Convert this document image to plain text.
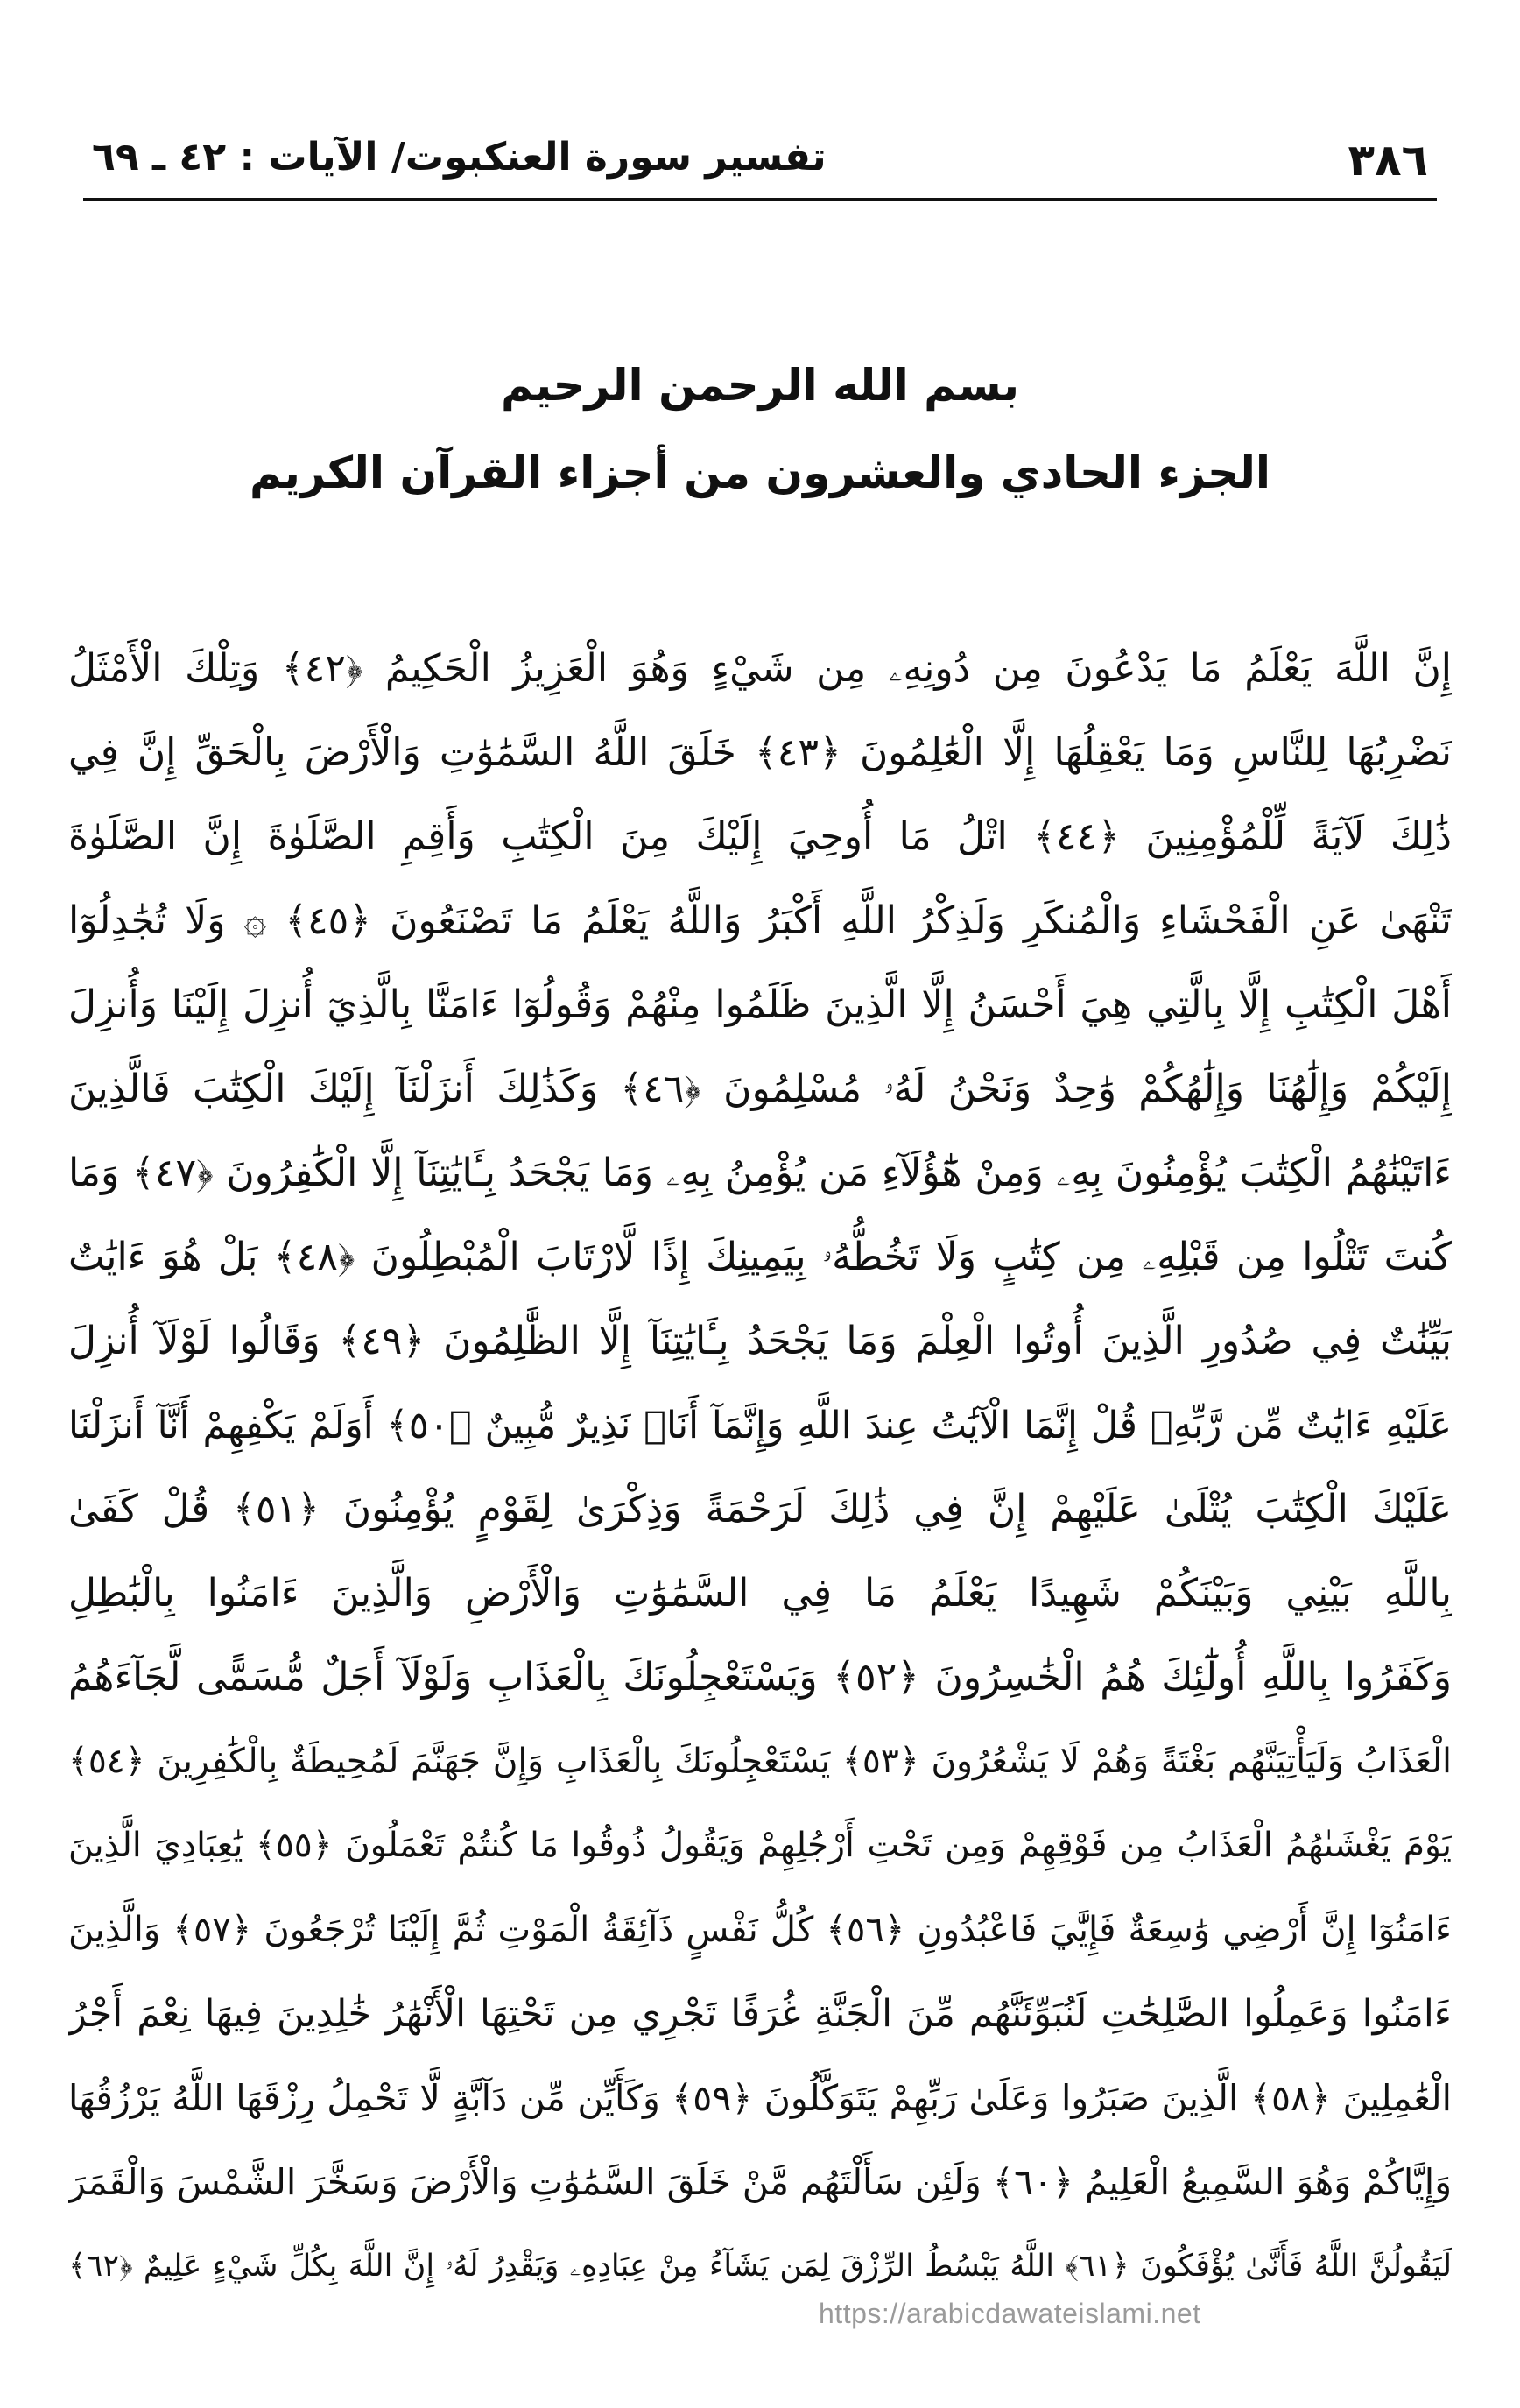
٣٨٦
تفسير سورة العنكبوت/ الآيات : ٤٢ ـ ٦٩
بسم الله الرحمن الرحيم
الجزء الحادي والعشرون من أجزاء القرآن الكريم
إِنَّ اللَّهَ يَعْلَمُ مَا يَدْعُونَ مِن دُونِهِۦ مِن شَيْءٍ وَهُوَ الْعَزِيزُ الْحَكِيمُ ﴿٤٢﴾ وَتِلْكَ الْأَمْثَلُ
نَضْرِبُهَا لِلنَّاسِ وَمَا يَعْقِلُهَا إِلَّا الْعَٰلِمُونَ ﴿٤٣﴾ خَلَقَ اللَّهُ السَّمَٰوَٰتِ وَالْأَرْضَ بِالْحَقِّ إِنَّ فِي
ذَٰلِكَ لَآيَةً لِّلْمُؤْمِنِينَ ﴿٤٤﴾ اتْلُ مَا أُوحِيَ إِلَيْكَ مِنَ الْكِتَٰبِ وَأَقِمِ الصَّلَوٰةَ إِنَّ الصَّلَوٰةَ
تَنْهَىٰ عَنِ الْفَحْشَاءِ وَالْمُنكَرِ وَلَذِكْرُ اللَّهِ أَكْبَرُ وَاللَّهُ يَعْلَمُ مَا تَصْنَعُونَ ﴿٤٥﴾ ۞ وَلَا تُجَٰدِلُوٓا
أَهْلَ الْكِتَٰبِ إِلَّا بِالَّتِي هِيَ أَحْسَنُ إِلَّا الَّذِينَ ظَلَمُوا مِنْهُمْ وَقُولُوٓا ءَامَنَّا بِالَّذِيٓ أُنزِلَ إِلَيْنَا وَأُنزِلَ
إِلَيْكُمْ وَإِلَٰهُنَا وَإِلَٰهُكُمْ وَٰحِدٌ وَنَحْنُ لَهُۥ مُسْلِمُونَ ﴿٤٦﴾ وَكَذَٰلِكَ أَنزَلْنَآ إِلَيْكَ الْكِتَٰبَ فَالَّذِينَ
ءَاتَيْنَٰهُمُ الْكِتَٰبَ يُؤْمِنُونَ بِهِۦ وَمِنْ هَٰٓؤُلَآءِ مَن يُؤْمِنُ بِهِۦ وَمَا يَجْحَدُ بِـَٔايَٰتِنَآ إِلَّا الْكَٰفِرُونَ ﴿٤٧﴾ وَمَا
كُنتَ تَتْلُوا مِن قَبْلِهِۦ مِن كِتَٰبٍ وَلَا تَخُطُّهُۥ بِيَمِينِكَ إِذًا لَّارْتَابَ الْمُبْطِلُونَ ﴿٤٨﴾ بَلْ هُوَ ءَايَٰتٌ
بَيِّنَٰتٌ فِي صُدُورِ الَّذِينَ أُوتُوا الْعِلْمَ وَمَا يَجْحَدُ بِـَٔايَٰتِنَآ إِلَّا الظَّٰلِمُونَ ﴿٤٩﴾ وَقَالُوا لَوْلَآ أُنزِلَ
عَلَيْهِ ءَايَٰتٌ مِّن رَّبِّهِۦ قُلْ إِنَّمَا الْآيَٰتُ عِندَ اللَّهِ وَإِنَّمَآ أَنَا۠ نَذِيرٌ مُّبِينٌ ﴿٥٠﴾ أَوَلَمْ يَكْفِهِمْ أَنَّآ أَنزَلْنَا
عَلَيْكَ الْكِتَٰبَ يُتْلَىٰ عَلَيْهِمْ إِنَّ فِي ذَٰلِكَ لَرَحْمَةً وَذِكْرَىٰ لِقَوْمٍ يُؤْمِنُونَ ﴿٥١﴾ قُلْ كَفَىٰ
بِاللَّهِ بَيْنِي وَبَيْنَكُمْ شَهِيدًا يَعْلَمُ مَا فِي السَّمَٰوَٰتِ وَالْأَرْضِ وَالَّذِينَ ءَامَنُوا بِالْبَٰطِلِ
وَكَفَرُوا بِاللَّهِ أُولَٰٓئِكَ هُمُ الْخَٰسِرُونَ ﴿٥٢﴾ وَيَسْتَعْجِلُونَكَ بِالْعَذَابِ وَلَوْلَآ أَجَلٌ مُّسَمًّى لَّجَآءَهُمُ
الْعَذَابُ وَلَيَأْتِيَنَّهُم بَغْتَةً وَهُمْ لَا يَشْعُرُونَ ﴿٥٣﴾ يَسْتَعْجِلُونَكَ بِالْعَذَابِ وَإِنَّ جَهَنَّمَ لَمُحِيطَةٌ بِالْكَٰفِرِينَ ﴿٥٤﴾
يَوْمَ يَغْشَىٰهُمُ الْعَذَابُ مِن فَوْقِهِمْ وَمِن تَحْتِ أَرْجُلِهِمْ وَيَقُولُ ذُوقُوا مَا كُنتُمْ تَعْمَلُونَ ﴿٥٥﴾ يَٰعِبَادِيَ الَّذِينَ
ءَامَنُوٓا إِنَّ أَرْضِي وَٰسِعَةٌ فَإِيَّٰيَ فَاعْبُدُونِ ﴿٥٦﴾ كُلُّ نَفْسٍ ذَآئِقَةُ الْمَوْتِ ثُمَّ إِلَيْنَا تُرْجَعُونَ ﴿٥٧﴾ وَالَّذِينَ
ءَامَنُوا وَعَمِلُوا الصَّٰلِحَٰتِ لَنُبَوِّئَنَّهُم مِّنَ الْجَنَّةِ غُرَفًا تَجْرِي مِن تَحْتِهَا الْأَنْهَٰرُ خَٰلِدِينَ فِيهَا نِعْمَ أَجْرُ
الْعَٰمِلِينَ ﴿٥٨﴾ الَّذِينَ صَبَرُوا وَعَلَىٰ رَبِّهِمْ يَتَوَكَّلُونَ ﴿٥٩﴾ وَكَأَيِّن مِّن دَآبَّةٍ لَّا تَحْمِلُ رِزْقَهَا اللَّهُ يَرْزُقُهَا
وَإِيَّاكُمْ وَهُوَ السَّمِيعُ الْعَلِيمُ ﴿٦٠﴾ وَلَئِن سَأَلْتَهُم مَّنْ خَلَقَ السَّمَٰوَٰتِ وَالْأَرْضَ وَسَخَّرَ الشَّمْسَ وَالْقَمَرَ
لَيَقُولُنَّ اللَّهُ فَأَنَّىٰ يُؤْفَكُونَ ﴿٦١﴾ اللَّهُ يَبْسُطُ الرِّزْقَ لِمَن يَشَآءُ مِنْ عِبَادِهِۦ وَيَقْدِرُ لَهُۥ إِنَّ اللَّهَ بِكُلِّ شَيْءٍ عَلِيمٌ ﴿٦٢﴾
https://arabicdawateislami.net
